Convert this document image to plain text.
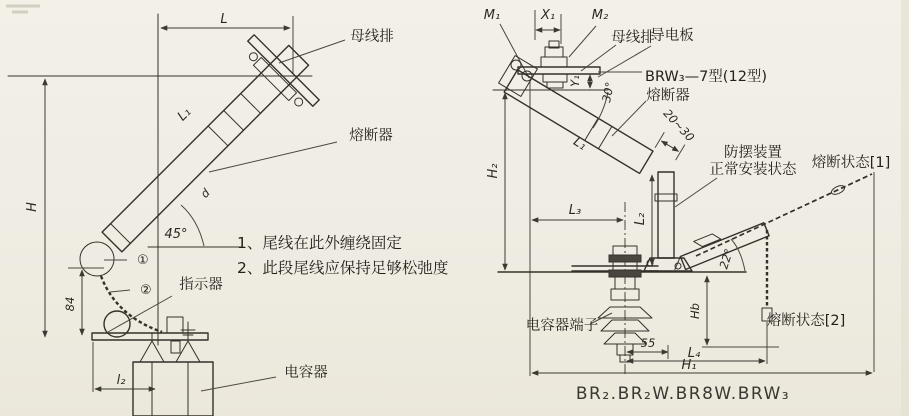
L
H
L₁
d
45°
①
②
84
l₂
母线排
熔断器
指示器
电容器
1、尾线在此外缠绕固定
2、此段尾线应保持足够松弛度
M₁	X₁	M₂
L₁	20~30
Y₁ 30°
H₂
22°
L₃
L₂
Hb
55
L₄
H₁
母线排
导电板
BRW₃—7型(12型)
熔断器
防摆装置
正常安装状态 熔断状态[1]
熔断状态[2]
电容器端子
BR₂.BR₂W.BR8W.BRW₃
